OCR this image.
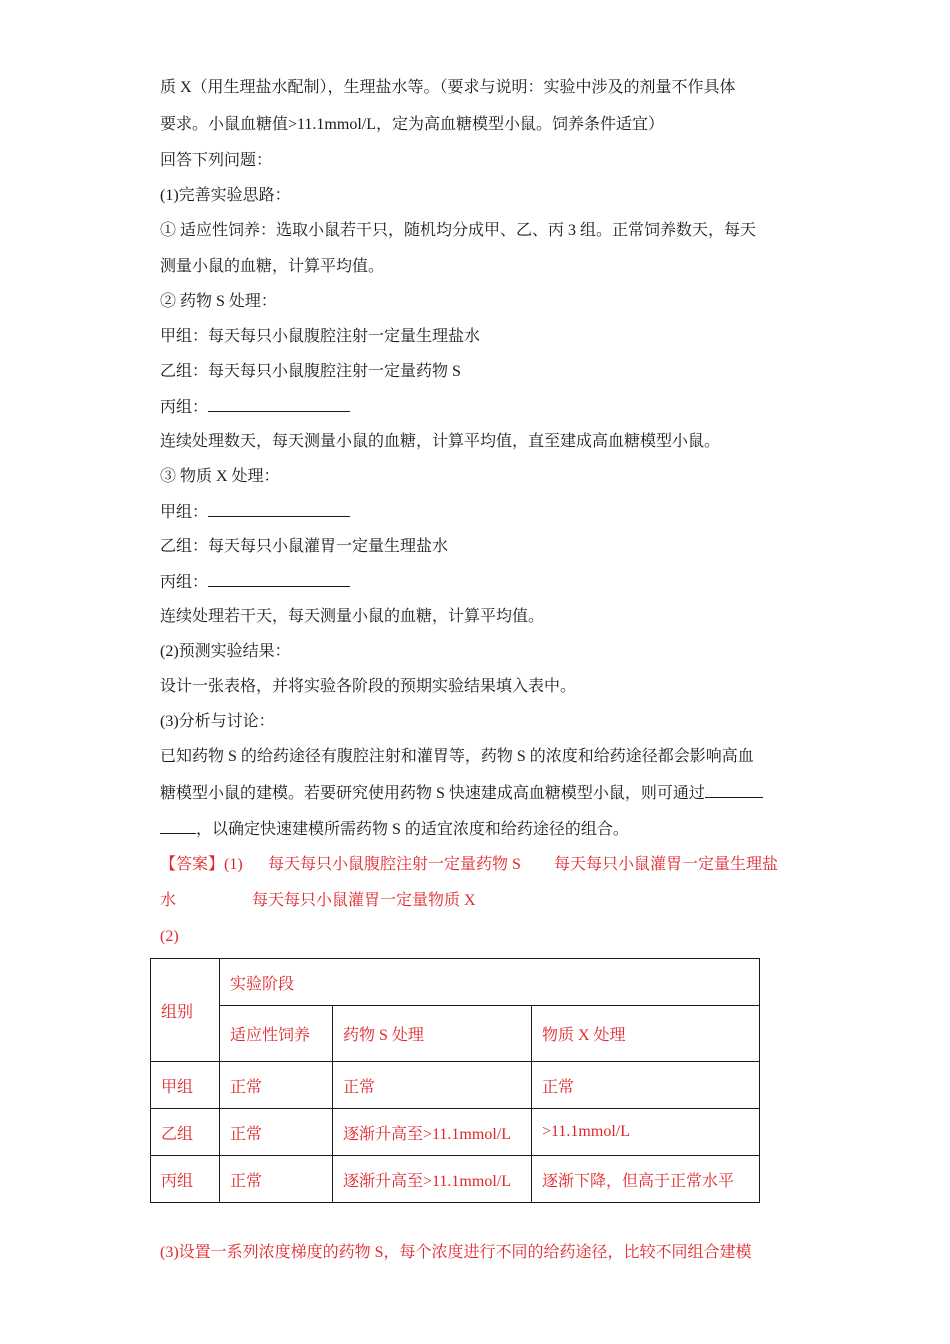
质 X（用生理盐水配制），生理盐水等。（要求与说明：实验中涉及的剂量不作具体
要求。小鼠血糖值>11.1mmol/L，定为高血糖模型小鼠。饲养条件适宜）
回答下列问题：
(1)完善实验思路：
① 适应性饲养：选取小鼠若干只，随机均分成甲、乙、丙 3 组。正常饲养数天，每天
测量小鼠的血糖，计算平均值。
② 药物 S 处理：
甲组：每天每只小鼠腹腔注射一定量生理盐水
乙组：每天每只小鼠腹腔注射一定量药物 S
丙组：
连续处理数天，每天测量小鼠的血糖，计算平均值，直至建成高血糖模型小鼠。
③ 物质 X 处理：
甲组：
乙组：每天每只小鼠灌胃一定量生理盐水
丙组：
连续处理若干天，每天测量小鼠的血糖，计算平均值。
(2)预测实验结果：
设计一张表格，并将实验各阶段的预期实验结果填入表中。
(3)分析与讨论：
已知药物 S 的给药途径有腹腔注射和灌胃等，药物 S 的浓度和给药途径都会影响高血
糖模型小鼠的建模。若要研究使用药物 S 快速建成高血糖模型小鼠，则可通过
，以确定快速建模所需药物 S 的适宜浓度和给药途径的组合。
【答案】(1) 每天每只小鼠腹腔注射一定量药物 S 每天每只小鼠灌胃一定量生理盐
水	每天每只小鼠灌胃一定量物质 X
(2)
组别	实验阶段		
	适应性饲养	药物 S 处理	物质 X 处理
甲组	正常	正常	正常
乙组	正常	逐渐升高至>11.1mmol/L	>11.1mmol/L
丙组	正常	逐渐升高至>11.1mmol/L	逐渐下降，但高于正常水平
(3)设置一系列浓度梯度的药物 S，每个浓度进行不同的给药途径，比较不同组合建模
